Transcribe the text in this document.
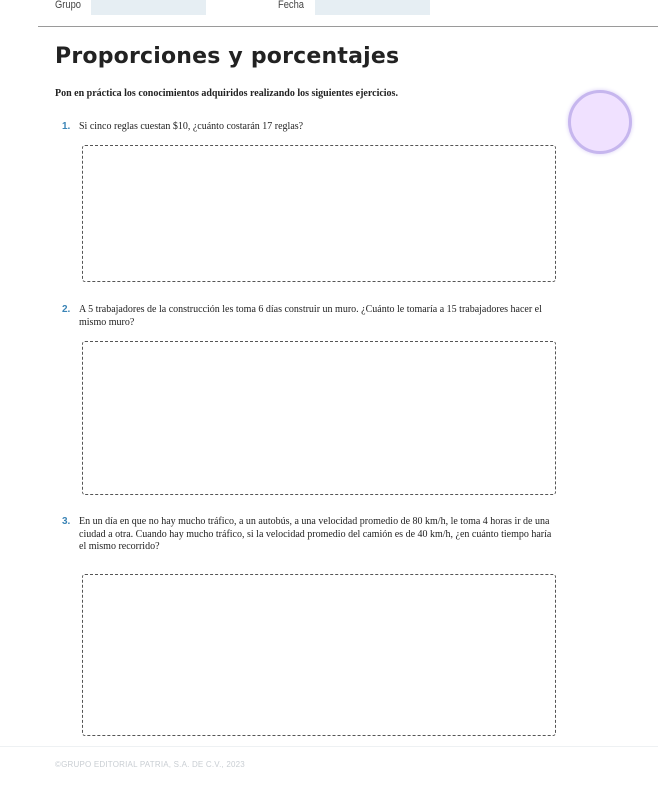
Grupo	Fecha
Proporciones y porcentajes
Pon en práctica los conocimientos adquiridos realizando los siguientes ejercicios.
1. Si cinco reglas cuestan $10, ¿cuánto costarán 17 reglas?

2. A 5 trabajadores de la construcción les toma 6 días construir un muro. ¿Cuánto le tomaría a 15 trabajadores hacer el mismo muro?

3. En un día en que no hay mucho tráfico, a un autobús, a una velocidad promedio de 80 km/h, le toma 4 horas ir de una ciudad a otra. Cuando hay mucho tráfico, si la velocidad promedio del camión es de 40 km/h, ¿en cuánto tiempo haría el mismo recorrido?

©GRUPO EDITORIAL PATRIA, S.A. DE C.V., 2023
